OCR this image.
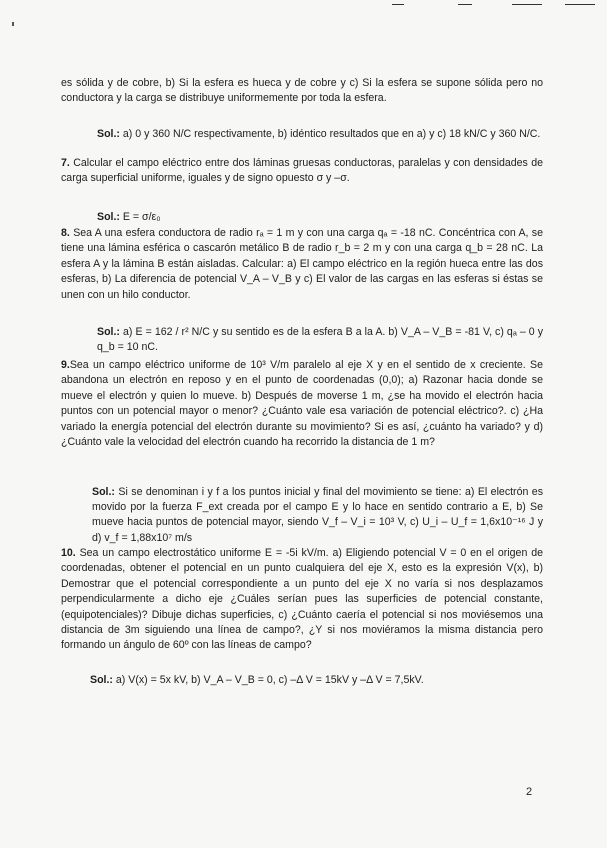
es sólida y de cobre, b) Si la esfera es hueca y de cobre y c) Si la esfera se supone sólida pero no conductora y la carga se distribuye uniformemente por toda la esfera.

Sol.: a) 0 y 360 N/C respectivamente, b) idéntico resultados que en a) y c) 18 kN/C y 360 N/C.

7. Calcular el campo eléctrico entre dos láminas gruesas conductoras, paralelas y con densidades de carga superficial uniforme, iguales y de signo opuesto σ y –σ.

Sol.: E = σ/ε₀

8. Sea A una esfera conductora de radio rₐ = 1 m y con una carga qₐ = -18 nC. Concéntrica con A, se tiene una lámina esférica o cascarón metálico B de radio r_b = 2 m y con una carga q_b = 28 nC. La esfera A y la lámina B están aisladas. Calcular: a) El campo eléctrico en la región hueca entre las dos esferas, b) La diferencia de potencial V_A – V_B y c) El valor de las cargas en las esferas si éstas se unen con un hilo conductor.

Sol.: a) E = 162 / r² N/C y su sentido es de la esfera B a la A. b) V_A – V_B = -81 V, c) qₐ – 0 y q_b = 10 nC.

9.Sea un campo eléctrico uniforme de 10³ V/m paralelo al eje X y en el sentido de x creciente. Se abandona un electrón en reposo y en el punto de coordenadas (0,0); a) Razonar hacia donde se mueve el electrón y quien lo mueve. b) Después de moverse 1 m, ¿se ha movido el electrón hacia puntos con un potencial mayor o menor? ¿Cuánto vale esa variación de potencial eléctrico?. c) ¿Ha variado la energía potencial del electrón durante su movimiento? Si es así, ¿cuánto ha variado? y d) ¿Cuánto vale la velocidad del electrón cuando ha recorrido la distancia de 1 m?

Sol.: Si se denominan i y f a los puntos inicial y final del movimiento se tiene: a) El electrón es movido por la fuerza F_ext creada por el campo E y lo hace en sentido contrario a E, b) Se mueve hacia puntos de potencial mayor, siendo V_f – V_i = 10³ V, c) U_i – U_f = 1,6x10⁻¹⁶ J y d) v_f = 1,88x10⁷ m/s

10. Sea un campo electrostático uniforme E = -5i kV/m. a) Eligiendo potencial V = 0 en el origen de coordenadas, obtener el potencial en un punto cualquiera del eje X, esto es la expresión V(x), b) Demostrar que el potencial correspondiente a un punto del eje X no varía si nos desplazamos perpendicularmente a dicho eje ¿Cuáles serían pues las superficies de potencial constante, (equipotenciales)? Dibuje dichas superficies, c) ¿Cuánto caería el potencial si nos moviésemos una distancia de 3m siguiendo una línea de campo?, ¿Y si nos moviéramos la misma distancia pero formando un ángulo de 60º con las líneas de campo?

Sol.: a) V(x) = 5x kV, b) V_A – V_B = 0, c) –Δ V = 15kV y –Δ V = 7,5kV.

2
